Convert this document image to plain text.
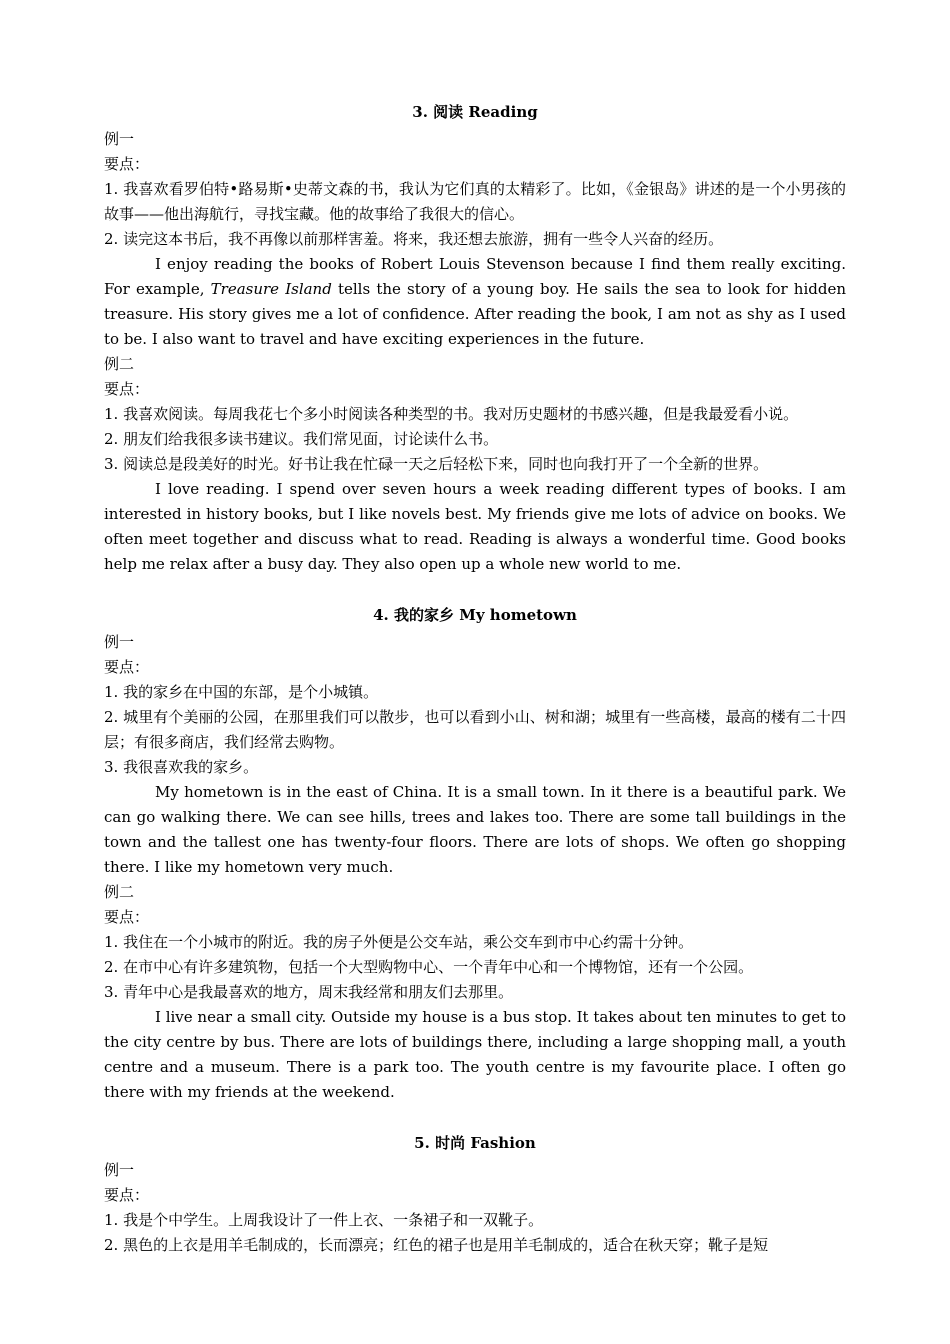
3. 阅读 Reading

例一

要点：

1. 我喜欢看罗伯特•路易斯•史蒂文森的书，我认为它们真的太精彩了。比如，《金银岛》讲述的是一个小男孩的故事——他出海航行，寻找宝藏。他的故事给了我很大的信心。

2. 读完这本书后，我不再像以前那样害羞。将来，我还想去旅游，拥有一些令人兴奋的经历。

I enjoy reading the books of Robert Louis Stevenson because I find them really exciting. For example, Treasure Island tells the story of a young boy. He sails the sea to look for hidden treasure. His story gives me a lot of confidence. After reading the book, I am not as shy as I used to be. I also want to travel and have exciting experiences in the future.

例二

要点：

1. 我喜欢阅读。每周我花七个多小时阅读各种类型的书。我对历史题材的书感兴趣，但是我最爱看小说。

2. 朋友们给我很多读书建议。我们常见面，讨论读什么书。

3. 阅读总是段美好的时光。好书让我在忙碌一天之后轻松下来，同时也向我打开了一个全新的世界。

I love reading. I spend over seven hours a week reading different types of books. I am interested in history books, but I like novels best. My friends give me lots of advice on books. We often meet together and discuss what to read. Reading is always a wonderful time. Good books help me relax after a busy day. They also open up a whole new world to me.

4. 我的家乡 My hometown

例一

要点：

1. 我的家乡在中国的东部，是个小城镇。

2. 城里有个美丽的公园，在那里我们可以散步，也可以看到小山、树和湖；城里有一些高楼，最高的楼有二十四层；有很多商店，我们经常去购物。

3. 我很喜欢我的家乡。

My hometown is in the east of China. It is a small town. In it there is a beautiful park. We can go walking there. We can see hills, trees and lakes too. There are some tall buildings in the town and the tallest one has twenty-four floors. There are lots of shops. We often go shopping there. I like my hometown very much.

例二

要点：

1. 我住在一个小城市的附近。我的房子外便是公交车站，乘公交车到市中心约需十分钟。

2. 在市中心有许多建筑物，包括一个大型购物中心、一个青年中心和一个博物馆，还有一个公园。

3. 青年中心是我最喜欢的地方，周末我经常和朋友们去那里。

I live near a small city. Outside my house is a bus stop. It takes about ten minutes to get to the city centre by bus. There are lots of buildings there, including a large shopping mall, a youth centre and a museum. There is a park too. The youth centre is my favourite place. I often go there with my friends at the weekend.

5. 时尚 Fashion

例一

要点：

1. 我是个中学生。上周我设计了一件上衣、一条裙子和一双靴子。

2. 黑色的上衣是用羊毛制成的，长而漂亮；红色的裙子也是用羊毛制成的，适合在秋天穿；靴子是短
